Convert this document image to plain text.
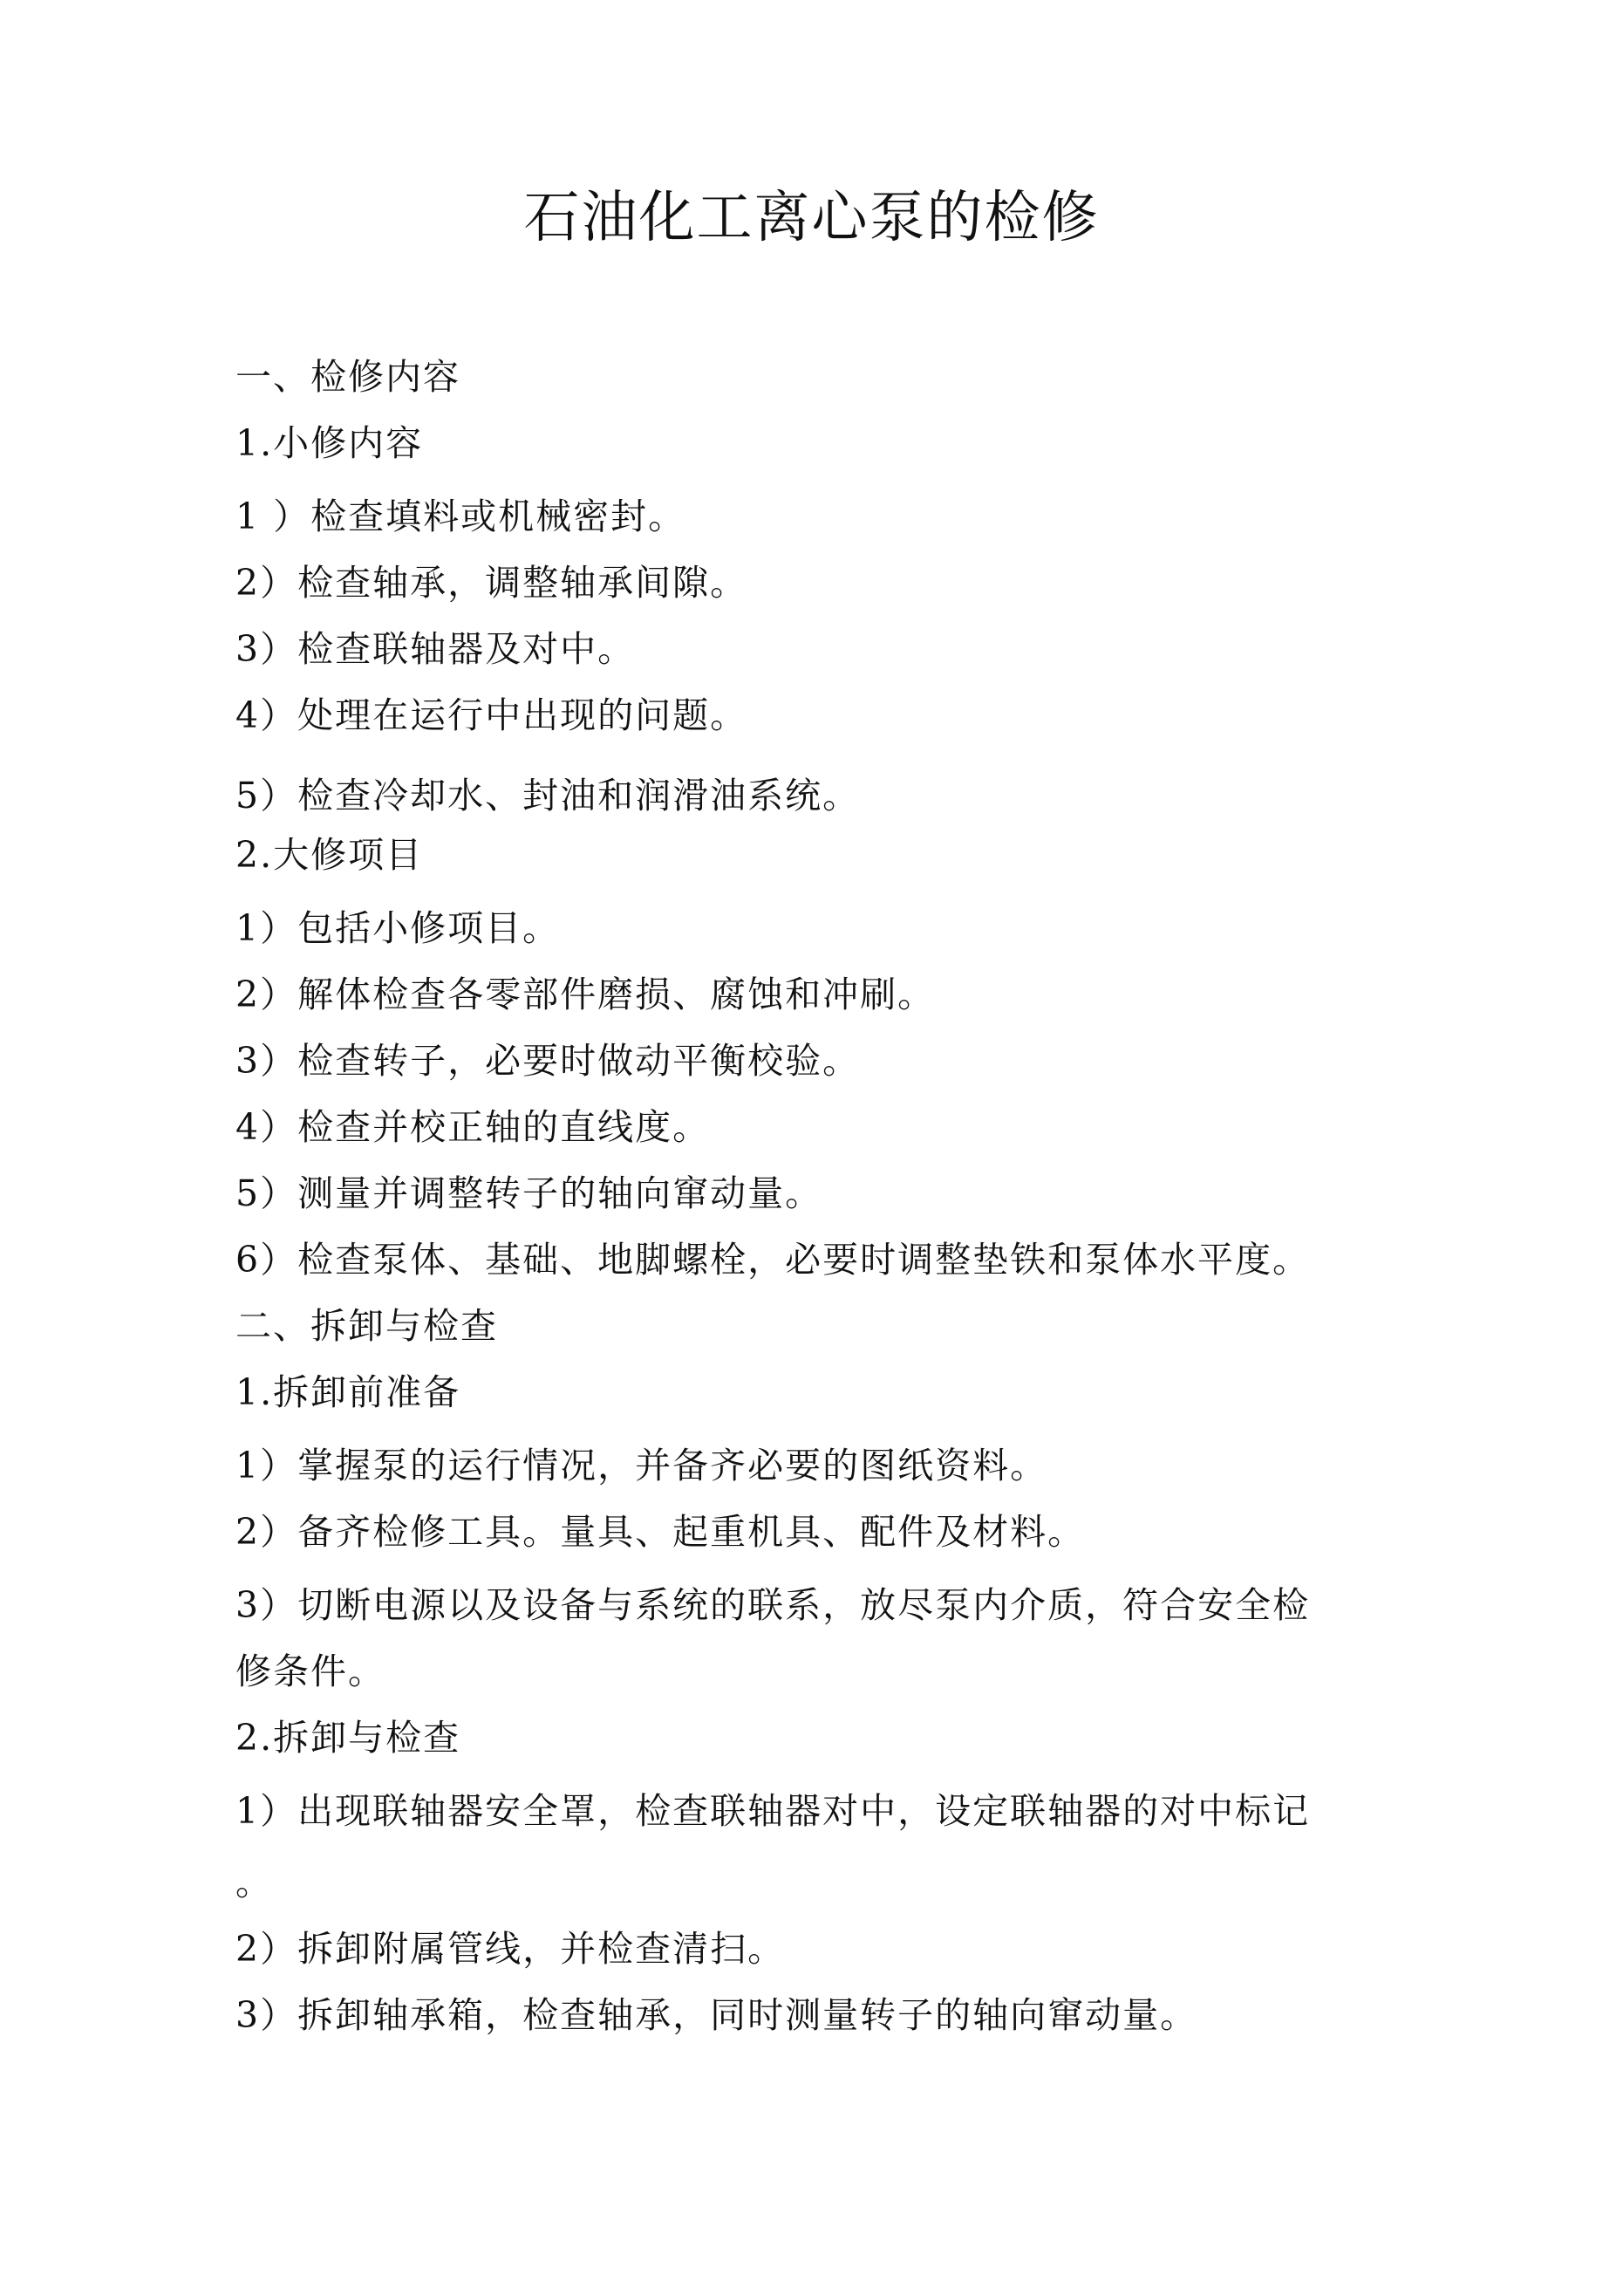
石油化工离心泵的检修
一、检修内容
1.小修内容
1 ）检查填料或机械密封。
2）检查轴承，调整轴承间隙。
3）检查联轴器及对中。
4）处理在运行中出现的问题。
5）检查冷却水、封油和润滑油系统。
2.大修项目
1）包括小修项目。
2）解体检查各零部件磨损、腐蚀和冲刷。
3）检查转子，必要时做动平衡校验。
4）检查并校正轴的直线度。
5）测量并调整转子的轴向窜动量。
6）检查泵体、基础、地脚螺栓，必要时调整垫铁和泵体水平度。
二、拆卸与检查
1.拆卸前准备
1）掌握泵的运行情况，并备齐必要的图纸资料。
2）备齐检修工具。量具、起重机具、配件及材料。
3）切断电源以及设备与系统的联系，放尽泵内介质，符合安全检
修条件。
2.拆卸与检查
1）出现联轴器安全罩，检查联轴器对中，设定联轴器的对中标记
。
2）拆卸附属管线，并检查清扫。
3）拆卸轴承箱，检查轴承，同时测量转子的轴向窜动量。
